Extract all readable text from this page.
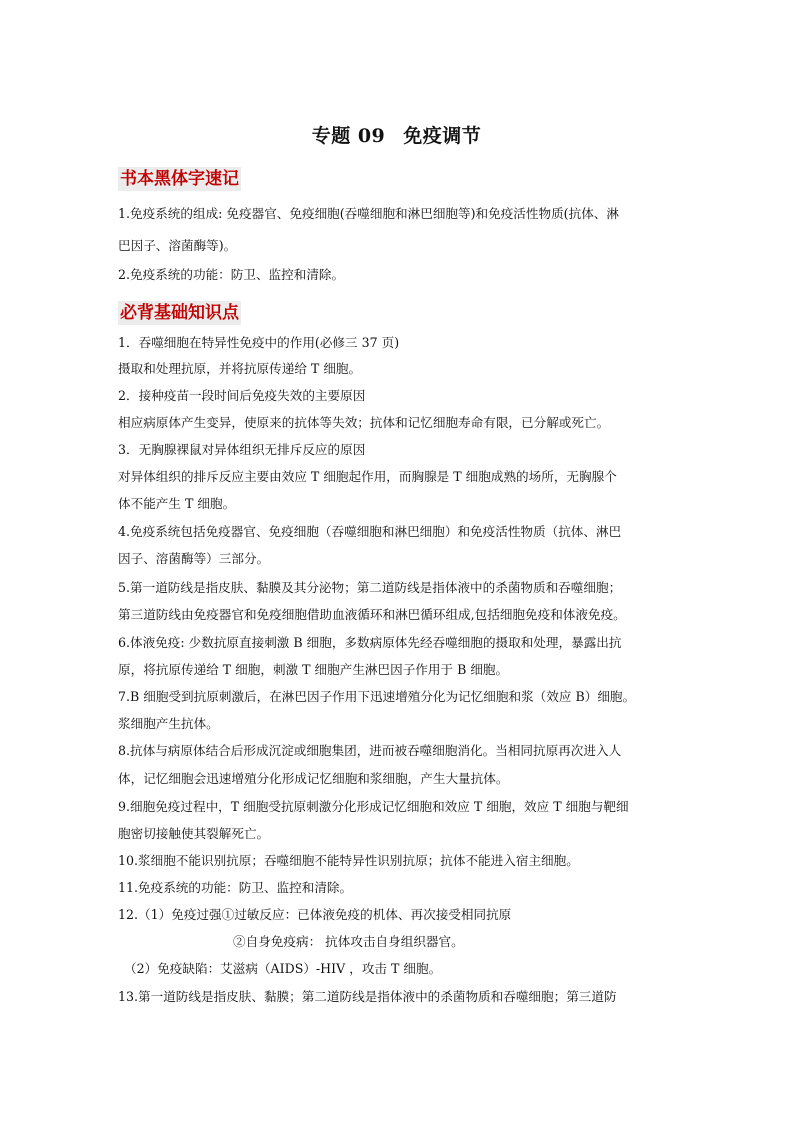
专题 09 免疫调节
书本黑体字速记
1.免疫系统的组成: 免疫器官、免疫细胞(吞噬细胞和淋巴细胞等)和免疫活性物质(抗体、淋
巴因子、溶菌酶等)。
2.免疫系统的功能：防卫、监控和清除。
必背基础知识点
1．吞噬细胞在特异性免疫中的作用(必修三 37 页)
摄取和处理抗原，并将抗原传递给 T 细胞。
2．接种疫苗一段时间后免疫失效的主要原因
相应病原体产生变异，使原来的抗体等失效；抗体和记忆细胞寿命有限，已分解或死亡。
3．无胸腺裸鼠对异体组织无排斥反应的原因
对异体组织的排斥反应主要由效应 T 细胞起作用，而胸腺是 T 细胞成熟的场所，无胸腺个
体不能产生 T 细胞。
4.免疫系统包括免疫器官、免疫细胞（吞噬细胞和淋巴细胞）和免疫活性物质（抗体、淋巴
因子、溶菌酶等）三部分。
5.第一道防线是指皮肤、黏膜及其分泌物；第二道防线是指体液中的杀菌物质和吞噬细胞；
第三道防线由免疫器官和免疫细胞借助血液循环和淋巴循环组成,包括细胞免疫和体液免疫。
6.体液免疫: 少数抗原直接刺激 B 细胞，多数病原体先经吞噬细胞的摄取和处理，暴露出抗
原，将抗原传递给 T 细胞，刺激 T 细胞产生淋巴因子作用于 B 细胞。
7.B 细胞受到抗原刺激后，在淋巴因子作用下迅速增殖分化为记忆细胞和浆（效应 B）细胞。
浆细胞产生抗体。
8.抗体与病原体结合后形成沉淀或细胞集团，进而被吞噬细胞消化。当相同抗原再次进入人
体，记忆细胞会迅速增殖分化形成记忆细胞和浆细胞，产生大量抗体。
9.细胞免疫过程中，T 细胞受抗原刺激分化形成记忆细胞和效应 T 细胞，效应 T 细胞与靶细
胞密切接触使其裂解死亡。
10.浆细胞不能识别抗原；吞噬细胞不能特异性识别抗原；抗体不能进入宿主细胞。
11.免疫系统的功能：防卫、监控和清除。
12.（1）免疫过强①过敏反应：已体液免疫的机体、再次接受相同抗原
②自身免疫病： 抗体攻击自身组织器官。
（2）免疫缺陷：艾滋病（AIDS）-HIV ，攻击 T 细胞。
13.第一道防线是指皮肤、黏膜；第二道防线是指体液中的杀菌物质和吞噬细胞；第三道防
